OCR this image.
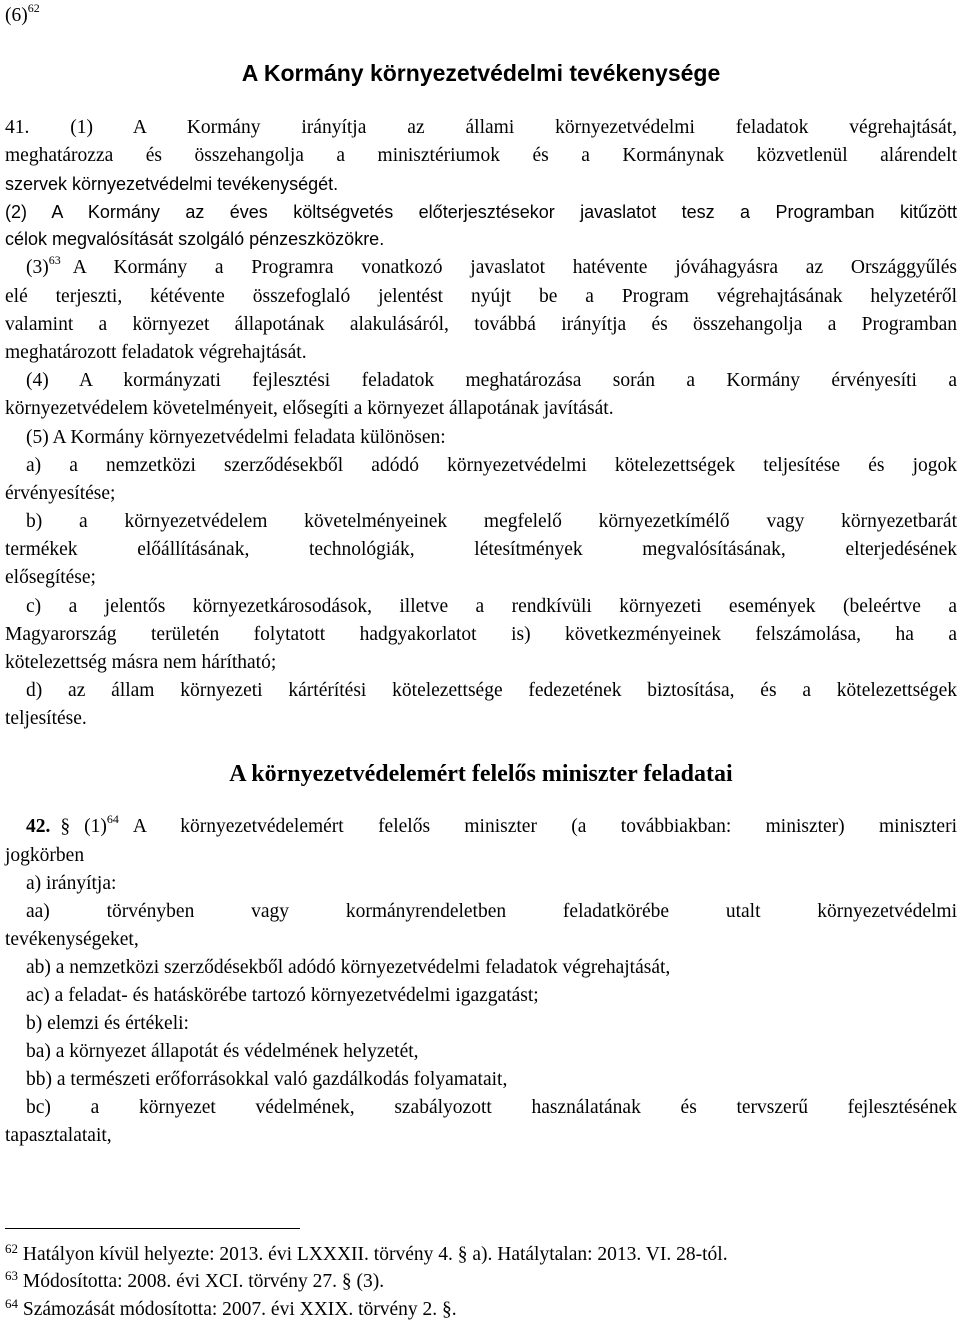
$(6)^{62}$
A Kormány környezetvédelmi tevékenysége
41. (1) A Kormány irányítja az állami környezetvédelmi feladatok végrehajtását,
meghatározza és összehangolja a minisztériumok és a Kormánynak közvetlenül alárendelt
szervek környezetvédelmi tevékenységét.
(2) A Kormány az éves költségvetés előterjesztésekor javaslatot tesz a Programban kitűzött
célok megvalósítását szolgáló pénzeszközökre.
$(3)^{63}$ A Kormány a Programra vonatkozó javaslatot hatévente jóváhagyásra az Országgyűlés
elé terjeszti, kétévente összefoglaló jelentést nyújt be a Program végrehajtásának helyzetéről
valamint a környezet állapotának alakulásáról, továbbá irányítja és összehangolja a Programban
meghatározott feladatok végrehajtását.
(4) A kormányzati fejlesztési feladatok meghatározása során a Kormány érvényesíti a
környezetvédelem követelményeit, elősegíti a környezet állapotának javítását.
(5) A Kormány környezetvédelmi feladata különösen:
a) a nemzetközi szerződésekből adódó környezetvédelmi kötelezettségek teljesítése és jogok
érvényesítése;
b) a környezetvédelem követelményeinek megfelelő környezetkímélő vagy környezetbarát
termékek előállításának, technológiák, létesítmények megvalósításának, elterjedésének
elősegítése;
c) a jelentős környezetkárosodások, illetve a rendkívüli környezeti események (beleértve a
Magyarország területén folytatott hadgyakorlatot is) következményeinek felszámolása, ha a
kötelezettség másra nem hárítható;
d) az állam környezeti kártérítési kötelezettsége fedezetének biztosítása, és a kötelezettségek
teljesítése.
A környezetvédelemért felelős miniszter feladatai
42. § $(1)^{64}$ A környezetvédelemért felelős miniszter (a továbbiakban: miniszter) miniszteri
jogkörben
a) irányítja:
aa) törvényben vagy kormányrendeletben feladatkörébe utalt környezetvédelmi
tevékenységeket,
ab) a nemzetközi szerződésekből adódó környezetvédelmi feladatok végrehajtását,
ac) a feladat- és hatáskörébe tartozó környezetvédelmi igazgatást;
b) elemzi és értékeli:
ba) a környezet állapotát és védelmének helyzetét,
bb) a természeti erőforrásokkal való gazdálkodás folyamatait,
bc) a környezet védelmének, szabályozott használatának és tervszerű fejlesztésének
tapasztalatait,
$^{62}$ Hatályon kívül helyezte: 2013. évi LXXXII. törvény 4. § a). Hatálytalan: 2013. VI. 28-tól.
$^{63}$ Módosította: 2008. évi XCI. törvény 27. § (3).
$^{64}$ Számozását módosította: 2007. évi XXIX. törvény 2. §.
